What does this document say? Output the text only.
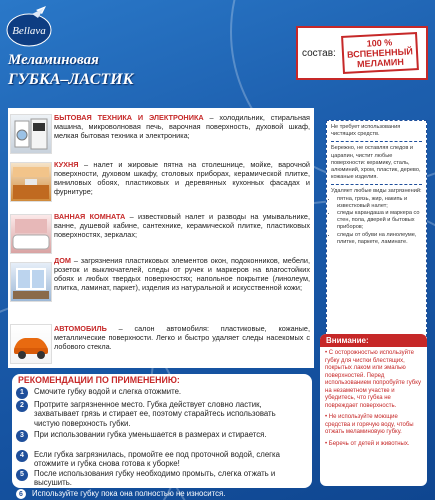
Bellava
Меламиновая
ГУБКА–ЛАСТИК
состав:
100 %
ВСПЕНЕННЫЙ
МЕЛАМИН
БЫТОВАЯ ТЕХНИКА И ЭЛЕКТРОНИКА – холодильник, стиральная машина, микроволновая печь, варочная поверхность, духовой шкаф, мелкая бытовая техника и электроника;
КУХНЯ – налет и жировые пятна на столешнице, мойке, варочной поверхности, духовом шкафу, столовых приборах, керамической плитке, виниловых обоях, пластиковых и деревянных кухонных фасадах и фурнитуре;
ВАННАЯ КОМНАТА – известковый налет и разводы на умывальнике, ванне, душевой кабине, сантехнике, керамической плитке, пластиковых поверхностях, зеркалах;
ДОМ – загрязнения пластиковых элементов окон, подоконников, мебели, розеток и выключателей, следы от ручек и маркеров на влагостойких обоях и любых твердых поверхностях; напольное покрытие (линолеум, плитка, ламинат, паркет), изделия из натуральной и искусственной кожи;
АВТОМОБИЛЬ – салон автомобиля: пластиковые, кожаные, металлические поверхности. Легко и быстро удаляет следы насекомых с лобового стекла.
Не требует использования чистящих средств.
Бережно, не оставляя следов и царапин, чистит любые поверхности: керамику, сталь, алюминий, хром, пластик, дерево, кожаные изделия.
Удаляет любые виды загрязнений:
• пятна, грязь, жир, накипь и известковый налет;
• следы карандаша и маркера со стен, пола, дверей и бытовых приборов;
• следы от обуви на линолеуме, плитке, паркете, ламинате.
Внимание:

• С осторожностью используйте губку для чистки блестящих, покрытых лаком или эмалью поверхностей. Перед использованием попробуйте губку на незаметном участке и убедитесь, что губка не повреждает поверхность.

• Не используйте моющие средства и горячую воду, чтобы отжать меламиновую губку.

• Беречь от детей и животных.

РЕКОМЕНДАЦИИ ПО ПРИМЕНЕНИЮ:
1	Смочите губку водой и слегка отожмите.
2	Протрите загрязненное место. Губка действует словно ластик, захватывает грязь и стирает ее, поэтому старайтесь использовать чистую поверхность губки.
3	При использовании губка уменьшается в размерах и стирается.
4	Если губка загрязнилась, промойте ее под проточной водой, слегка отожмите и губка снова готова к уборке!
5	После использования губку необходимо промыть, слегка отжать и высушить.
6	Используйте губку пока она полностью не износится.
